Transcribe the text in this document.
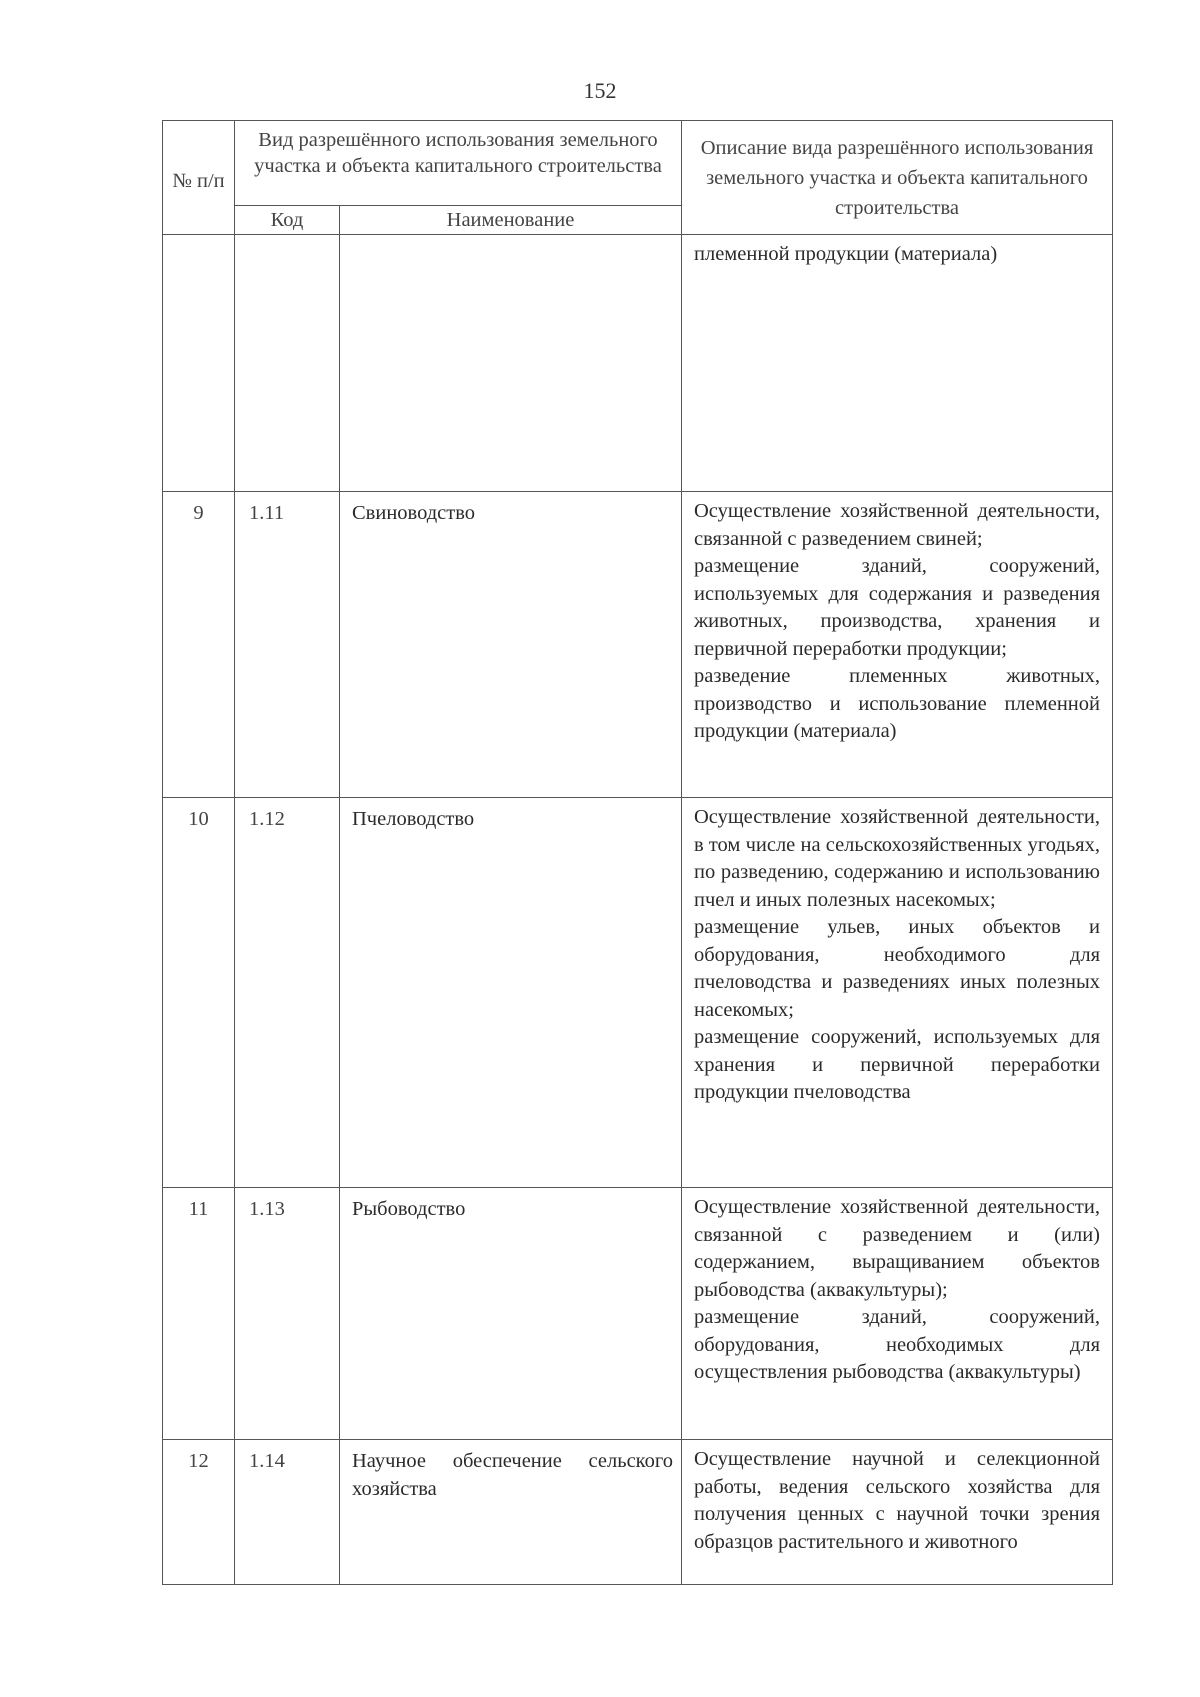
152
№ п/п	Вид разрешённого использования земельного участка и объекта капитального строительства		Описание вида разрешённого использования земельного участка и объекта капитального строительства
	Код	Наименование	

			племенной продукции (материала)

9	1.11	Свиноводство	Осуществление хозяйственной деятельности, связанной с разведением свиней;

размещение зданий, сооружений, используемых для содержания и разведения животных, производства, хранения и первичной переработки продукции;

разведение племенных животных, производство и использование племенной продукции (материала)

10	1.12	Пчеловодство	Осуществление хозяйственной деятельности, в том числе на сельскохозяйственных угодьях, по разведению, содержанию и использованию пчел и иных полезных насекомых;

размещение ульев, иных объектов и оборудования, необходимого для пчеловодства и разведениях иных полезных насекомых;

размещение сооружений, используемых для хранения и первичной переработки продукции пчеловодства

11	1.13	Рыбоводство	Осуществление хозяйственной деятельности, связанной с разведением и (или) содержанием, выращиванием объектов рыбоводства (аквакультуры);

размещение зданий, сооружений, оборудования, необходимых для осуществления рыбоводства (аквакультуры)

12	1.14	Научное обеспечение сельского хозяйства	Осуществление научной и селекционной работы, ведения сельского хозяйства для получения ценных с научной точки зрения образцов растительного и животного
